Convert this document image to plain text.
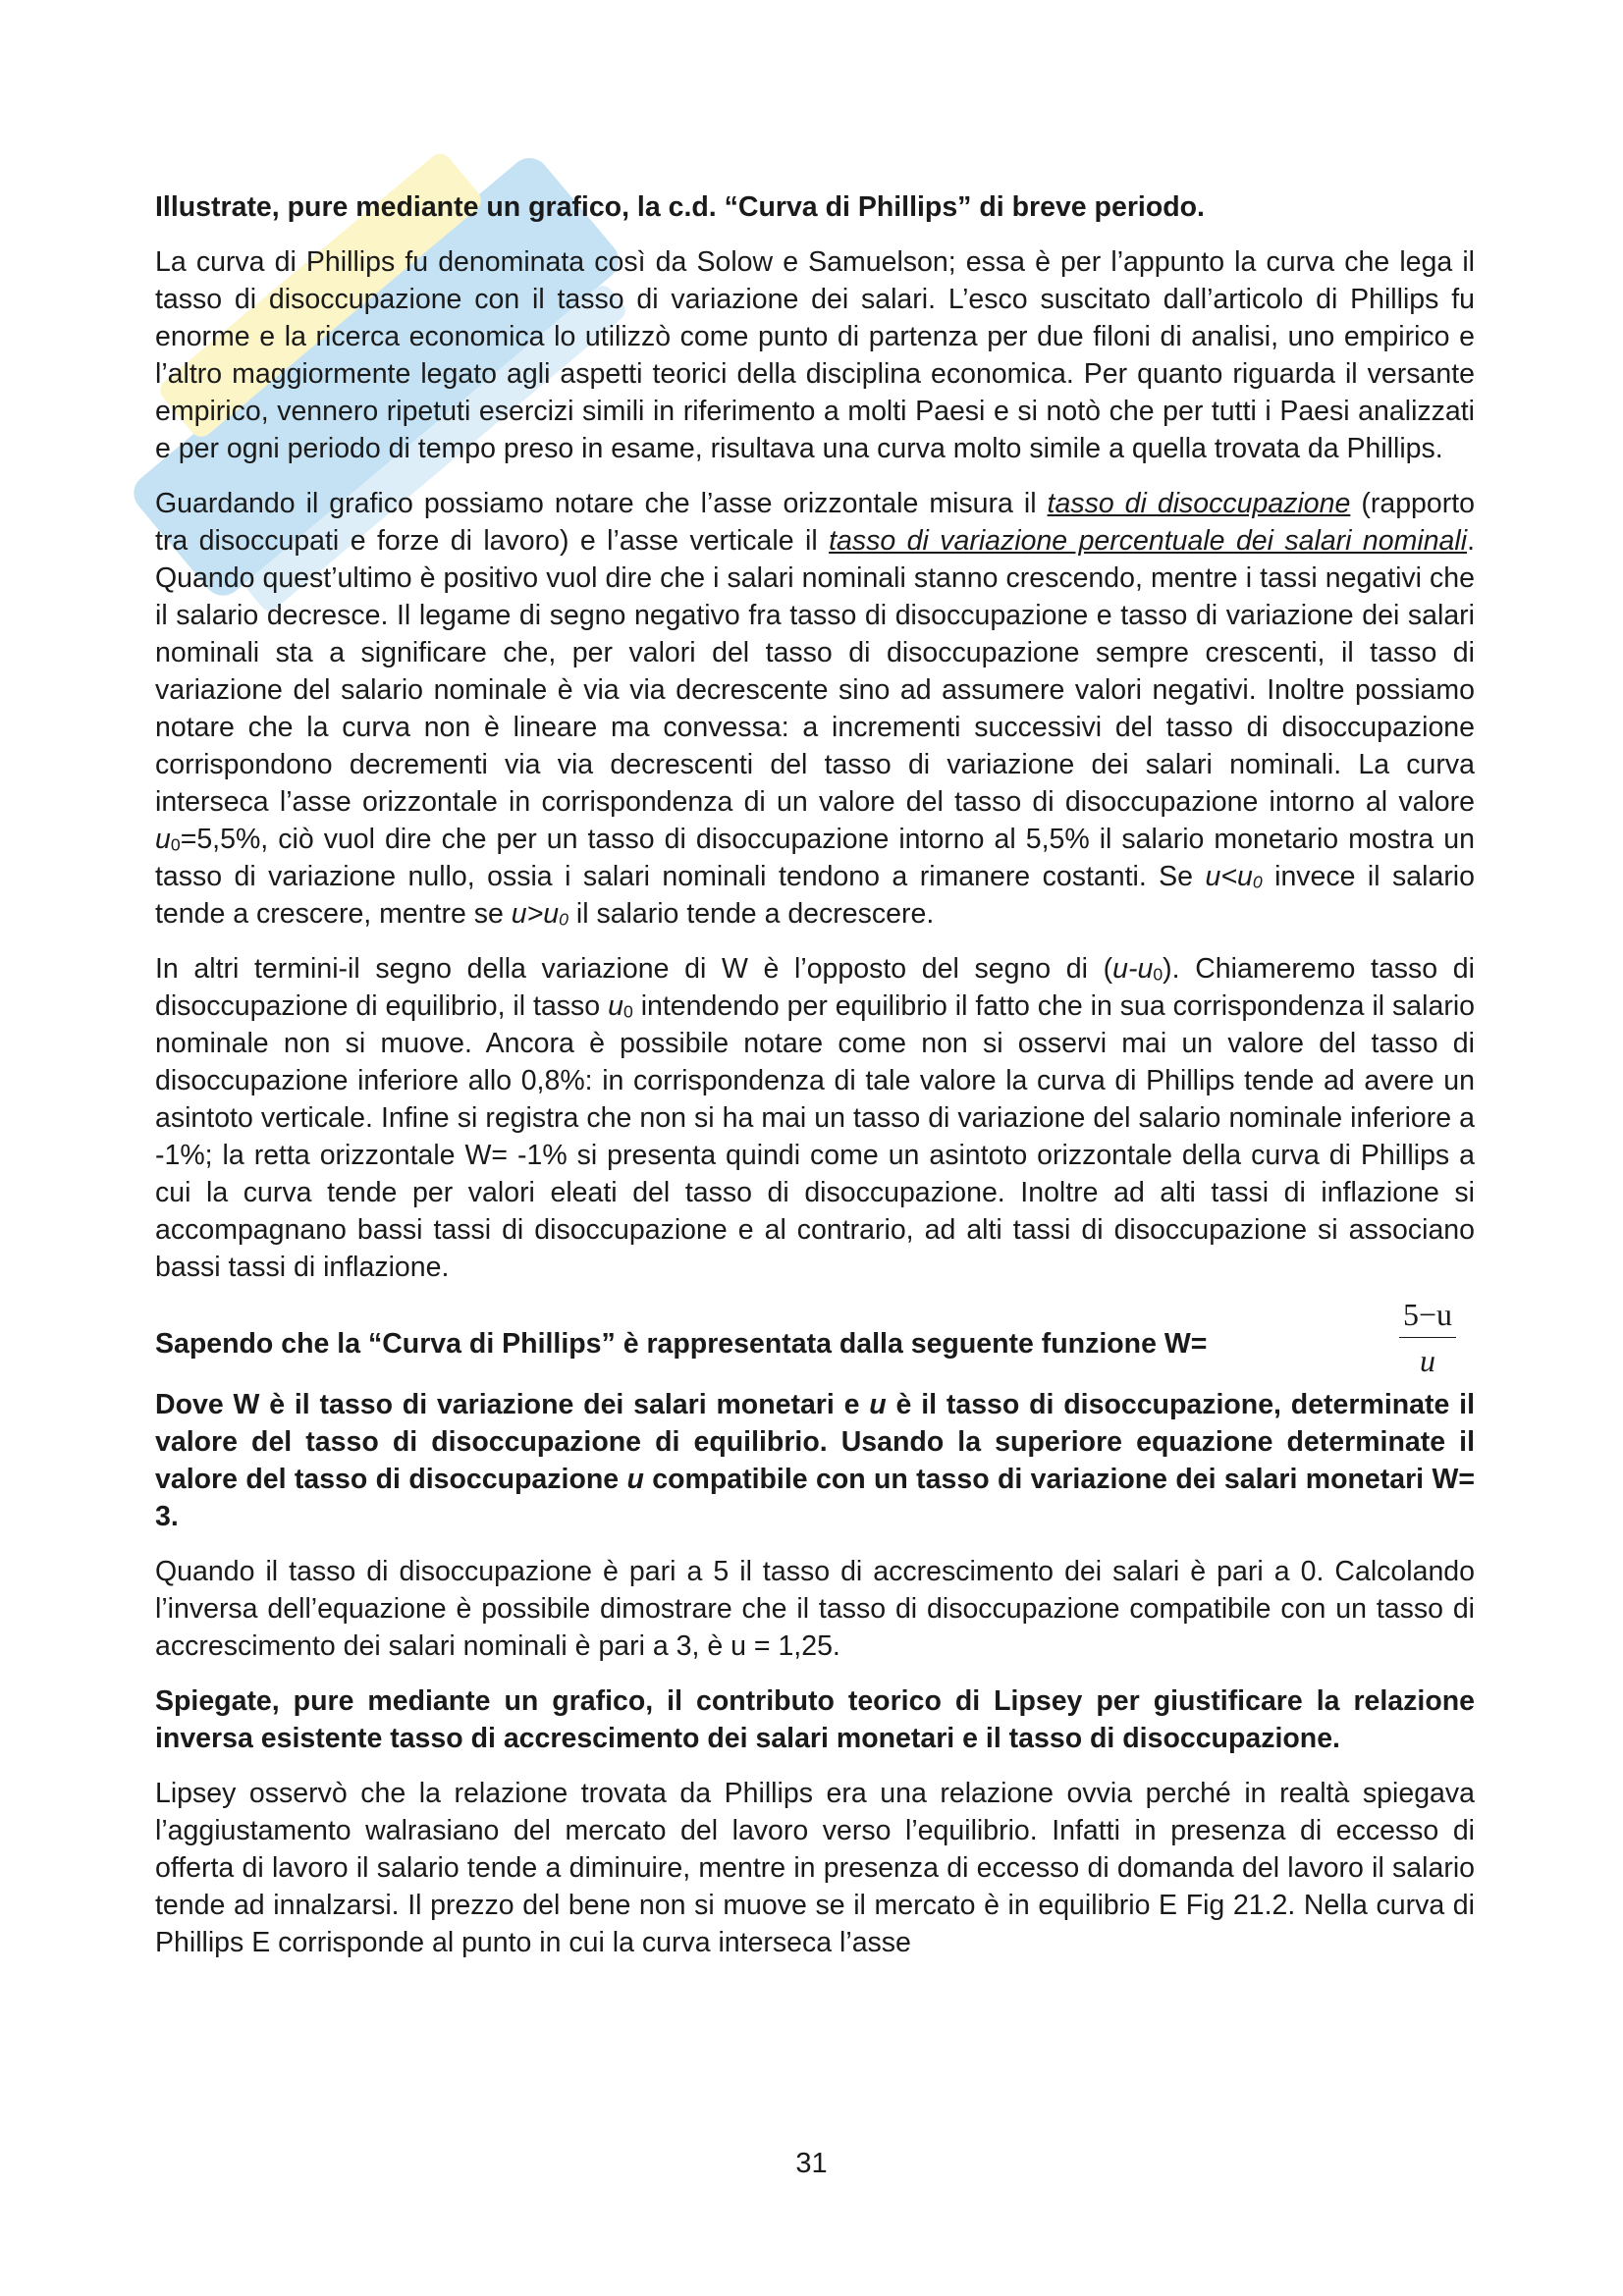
Illustrate, pure mediante un grafico, la c.d. “Curva di Phillips” di breve periodo.

La curva di Phillips fu denominata così da Solow e Samuelson; essa è per l’appunto la curva che lega il tasso di disoccupazione con il tasso di variazione dei salari. L’esco suscitato dall’articolo di Phillips fu enorme e la ricerca economica lo utilizzò come punto di partenza per due filoni di analisi, uno empirico e l’altro maggiormente legato agli aspetti teorici della disciplina economica. Per quanto riguarda il versante empirico, vennero ripetuti esercizi simili in riferimento a molti Paesi e si notò che per tutti i Paesi analizzati e per ogni periodo di tempo preso in esame, risultava una curva molto simile a quella trovata da Phillips.

Guardando il grafico possiamo notare che l’asse orizzontale misura il tasso di disoccupazione (rapporto tra disoccupati e forze di lavoro) e l’asse verticale il tasso di variazione percentuale dei salari nominali. Quando quest’ultimo è positivo vuol dire che i salari nominali stanno crescendo, mentre i tassi negativi che il salario decresce. Il legame di segno negativo fra tasso di disoccupazione e tasso di variazione dei salari nominali sta a significare che, per valori del tasso di disoccupazione sempre crescenti, il tasso di variazione del salario nominale è via via decrescente sino ad assumere valori negativi. Inoltre possiamo notare che la curva non è lineare ma convessa: a incrementi successivi del tasso di disoccupazione corrispondono decrementi via via decrescenti del tasso di variazione dei salari nominali. La curva interseca l’asse orizzontale in corrispondenza di un valore del tasso di disoccupazione intorno al valore $u_0=5,5\%$, ciò vuol dire che per un tasso di disoccupazione intorno al 5,5% il salario monetario mostra un tasso di variazione nullo, ossia i salari nominali tendono a rimanere costanti. Se $u<u_0$ invece il salario tende a crescere, mentre se $u>u_0$ il salario tende a decrescere.

In altri termini-il segno della variazione di W è l’opposto del segno di $(u-u_0)$. Chiameremo tasso di disoccupazione di equilibrio, il tasso $u_0$ intendendo per equilibrio il fatto che in sua corrispondenza il salario nominale non si muove. Ancora è possibile notare come non si osservi mai un valore del tasso di disoccupazione inferiore allo 0,8%: in corrispondenza di tale valore la curva di Phillips tende ad avere un asintoto verticale. Infine si registra che non si ha mai un tasso di variazione del salario nominale inferiore a -1%; la retta orizzontale W= -1% si presenta quindi come un asintoto orizzontale della curva di Phillips a cui la curva tende per valori eleati del tasso di disoccupazione. Inoltre ad alti tassi di inflazione si accompagnano bassi tassi di disoccupazione e al contrario, ad alti tassi di disoccupazione si associano bassi tassi di inflazione.

Sapendo che la “Curva di Phillips” è rappresentata dalla seguente funzione W=	$\frac{5-u}{u}$

Dove W è il tasso di variazione dei salari monetari e u è il tasso di disoccupazione, determinate il valore del tasso di disoccupazione di equilibrio. Usando la superiore equazione determinate il valore del tasso di disoccupazione u compatibile con un tasso di variazione dei salari monetari W= 3.

Quando il tasso di disoccupazione è pari a 5 il tasso di accrescimento dei salari è pari a 0. Calcolando l’inversa dell’equazione è possibile dimostrare che il tasso di disoccupazione compatibile con un tasso di accrescimento dei salari nominali è pari a 3, è u = 1,25.

Spiegate, pure mediante un grafico, il contributo teorico di Lipsey per giustificare la relazione inversa esistente tasso di accrescimento dei salari monetari e il tasso di disoccupazione.

Lipsey osservò che la relazione trovata da Phillips era una relazione ovvia perché in realtà spiegava l’aggiustamento walrasiano del mercato del lavoro verso l’equilibrio. Infatti in presenza di eccesso di offerta di lavoro il salario tende a diminuire, mentre in presenza di eccesso di domanda del lavoro il salario tende ad innalzarsi. Il prezzo del bene non si muove se il mercato è in equilibrio E Fig 21.2. Nella curva di Phillips E corrisponde al punto in cui la curva interseca l’asse

31
